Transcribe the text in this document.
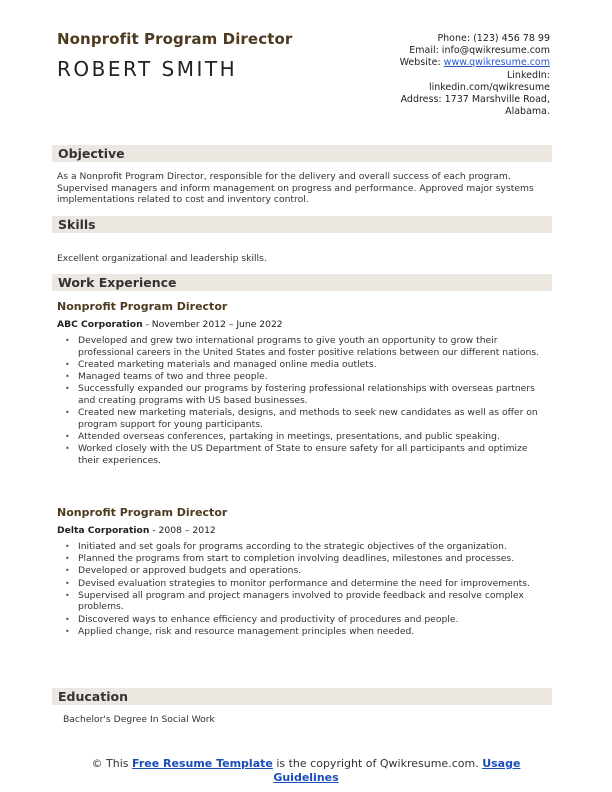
Nonprofit Program Director
ROBERT SMITH
Phone: (123) 456 78 99
Email: info@qwikresume.com
Website: www.qwikresume.com
LinkedIn:
linkedin.com/qwikresume
Address: 1737 Marshville Road,
Alabama.
Objective
As a Nonprofit Program Director, responsible for the delivery and overall success of each program. Supervised managers and inform management on progress and performance. Approved major systems implementations related to cost and inventory control.
Skills
Excellent organizational and leadership skills.
Work Experience
Nonprofit Program Director
ABC Corporation - November 2012 – June 2022
• Developed and grew two international programs to give youth an opportunity to grow their professional careers in the United States and foster positive relations between our different nations.
• Created marketing materials and managed online media outlets.
• Managed teams of two and three people.
• Successfully expanded our programs by fostering professional relationships with overseas partners and creating programs with US based businesses.
• Created new marketing materials, designs, and methods to seek new candidates as well as offer on program support for young participants.
• Attended overseas conferences, partaking in meetings, presentations, and public speaking.
• Worked closely with the US Department of State to ensure safety for all participants and optimize their experiences.
Nonprofit Program Director
Delta Corporation - 2008 – 2012
• Initiated and set goals for programs according to the strategic objectives of the organization.
• Planned the programs from start to completion involving deadlines, milestones and processes.
• Developed or approved budgets and operations.
• Devised evaluation strategies to monitor performance and determine the need for improvements.
• Supervised all program and project managers involved to provide feedback and resolve complex problems.
• Discovered ways to enhance efficiency and productivity of procedures and people.
• Applied change, risk and resource management principles when needed.
Education
Bachelor's Degree In Social Work
© This Free Resume Template is the copyright of Qwikresume.com. Usage
Guidelines
